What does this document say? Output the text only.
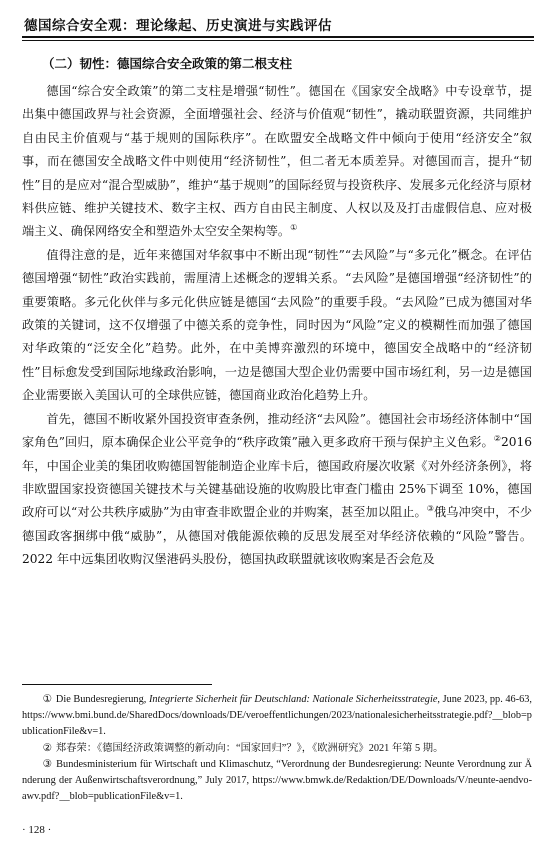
德国综合安全观：理论缘起、历史演进与实践评估
（二）韧性：德国综合安全政策的第二根支柱

德国“综合安全政策”的第二支柱是增强“韧性”。德国在《国家安全战略》中专设章节，提出集中德国政界与社会资源，全面增强社会、经济与价值观“韧性”，撬动联盟资源，共同维护自由民主价值观与“基于规则的国际秩序”。在欧盟安全战略文件中倾向于使用“经济安全”叙事，而在德国安全战略文件中则使用“经济韧性”，但二者无本质差异。对德国而言，提升“韧性”目的是应对“混合型威胁”，维护“基于规则”的国际经贸与投资秩序、发展多元化经济与原材料供应链、维护关键技术、数字主权、西方自由民主制度、人权以及及打击虚假信息、应对极端主义、确保网络安全和塑造外太空安全架构等。①

值得注意的是，近年来德国对华叙事中不断出现“韧性”“去风险”与“多元化”概念。在评估德国增强“韧性”政治实践前，需厘清上述概念的逻辑关系。“去风险”是德国增强“经济韧性”的重要策略。多元化伙伴与多元化供应链是德国“去风险”的重要手段。“去风险”已成为德国对华政策的关键词，这不仅增强了中德关系的竞争性，同时因为“风险”定义的模糊性而加强了德国对华政策的“泛安全化”趋势。此外，在中美博弈激烈的环境中，德国安全战略中的“经济韧性”目标愈发受到国际地缘政治影响，一边是德国大型企业仍需要中国市场红利，另一边是德国企业需要嵌入美国认可的全球供应链，德国商业政治化趋势上升。

首先，德国不断收紧外国投资审查条例，推动经济“去风险”。德国社会市场经济体制中“国家角色”回归，原本确保企业公平竞争的“秩序政策”融入更多政府干预与保护主义色彩。②2016 年，中国企业美的集团收购德国智能制造企业库卡后，德国政府屡次收紧《对外经济条例》，将非欧盟国家投资德国关键技术与关键基础设施的收购股比审查门槛由 25%下调至 10%，德国政府可以“对公共秩序威胁”为由审查非欧盟企业的并购案，甚至加以阻止。③俄乌冲突中，不少德国政客捆绑中俄“威胁”，从德国对俄能源依赖的反思发展至对华经济依赖的“风险”警告。2022 年中远集团收购汉堡港码头股份，德国执政联盟就该收购案是否会危及

① Die Bundesregierung, Integrierte Sicherheit für Deutschland: Nationale Sicherheitsstrategie, June 2023, pp. 46-63, https://www.bmi.bund.de/SharedDocs/downloads/DE/veroeffentlichungen/2023/nationalesicherheitsstrategie.pdf?__blob=publicationFile&v=1.

② 郑春荣：《德国经济政策调整的新动向：“国家回归”？》，《欧洲研究》2021 年第 5 期。

③ Bundesministerium für Wirtschaft und Klimaschutz, “Verordnung der Bundesregierung: Neunte Verordnung zur Änderung der Außenwirtschaftsverordnung,” July 2017, https://www.bmwk.de/Redaktion/DE/Downloads/V/neunte-aendvo-awv.pdf?__blob=publicationFile&v=1.

· 128 ·
